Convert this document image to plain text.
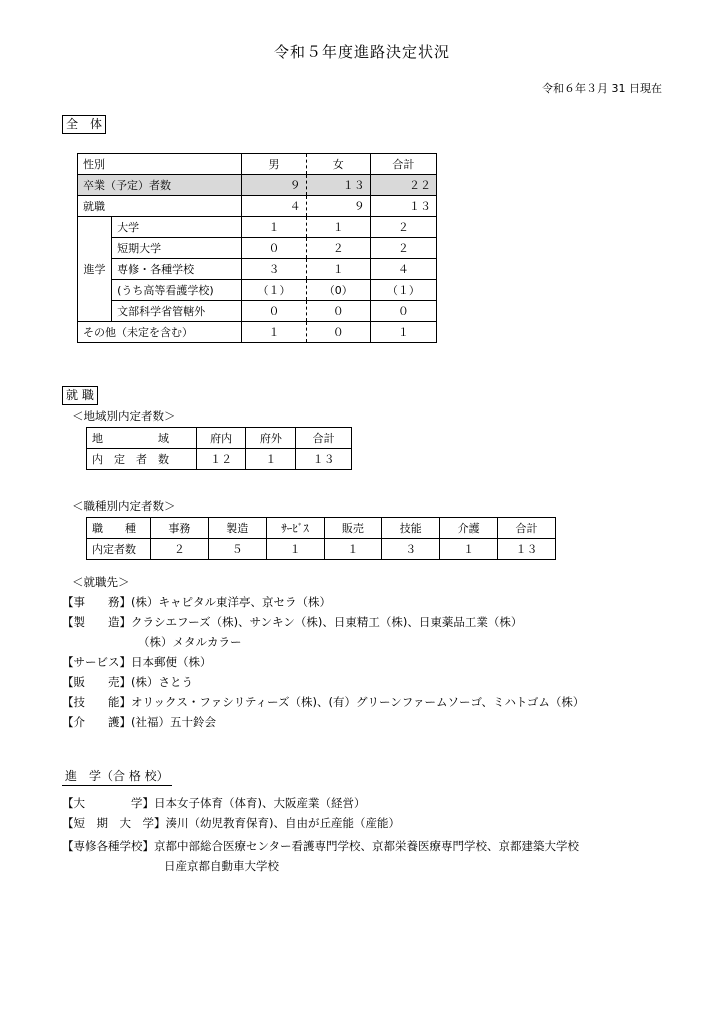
令和５年度進路決定状況
令和６年３月 31 日現在
全　体
性別		男	女	合計
卒業（予定）者数		９	１３	２２
就職		４	９	１３
進学	大学	１	１	２
	短期大学	０	２	２
	専修・各種学校	３	１	４
	(うち高等看護学校)	（１）	（0）	（１）
	文部科学省管轄外	０	０	０
その他（未定を含む）		１	０	１
就 職
＜地域別内定者数＞
地　　　　　域	府内	府外	合計
内　定　者　数	１２	１	１３
＜職種別内定者数＞
職　　種	事務	製造	ｻｰﾋﾞｽ	販売	技能	介護	合計
内定者数	２	５	１	１	３	１	１３
＜就職先＞
【事　　務】(株）キャピタル東洋亭、京セラ（株）
【製　　造】クラシエフーズ（株)、サンキン（株)、日東精工（株)、日東薬品工業（株）
（株）メタルカラー
【サービス】日本郵便（株）
【販　　売】(株）さとう
【技　　能】オリックス・ファシリティーズ（株)、(有）グリーンファームソーゴ、ミハトゴム（株）
【介　　護】(社福）五十鈴会
進　学（合 格 校）
【大　　　　学】日本女子体育（体育)、大阪産業（経営）
【短　期　大　学】湊川（幼児教育保育)、自由が丘産能（産能）
【専修各種学校】京都中部総合医療センター看護専門学校、京都栄養医療専門学校、京都建築大学校
日産京都自動車大学校
